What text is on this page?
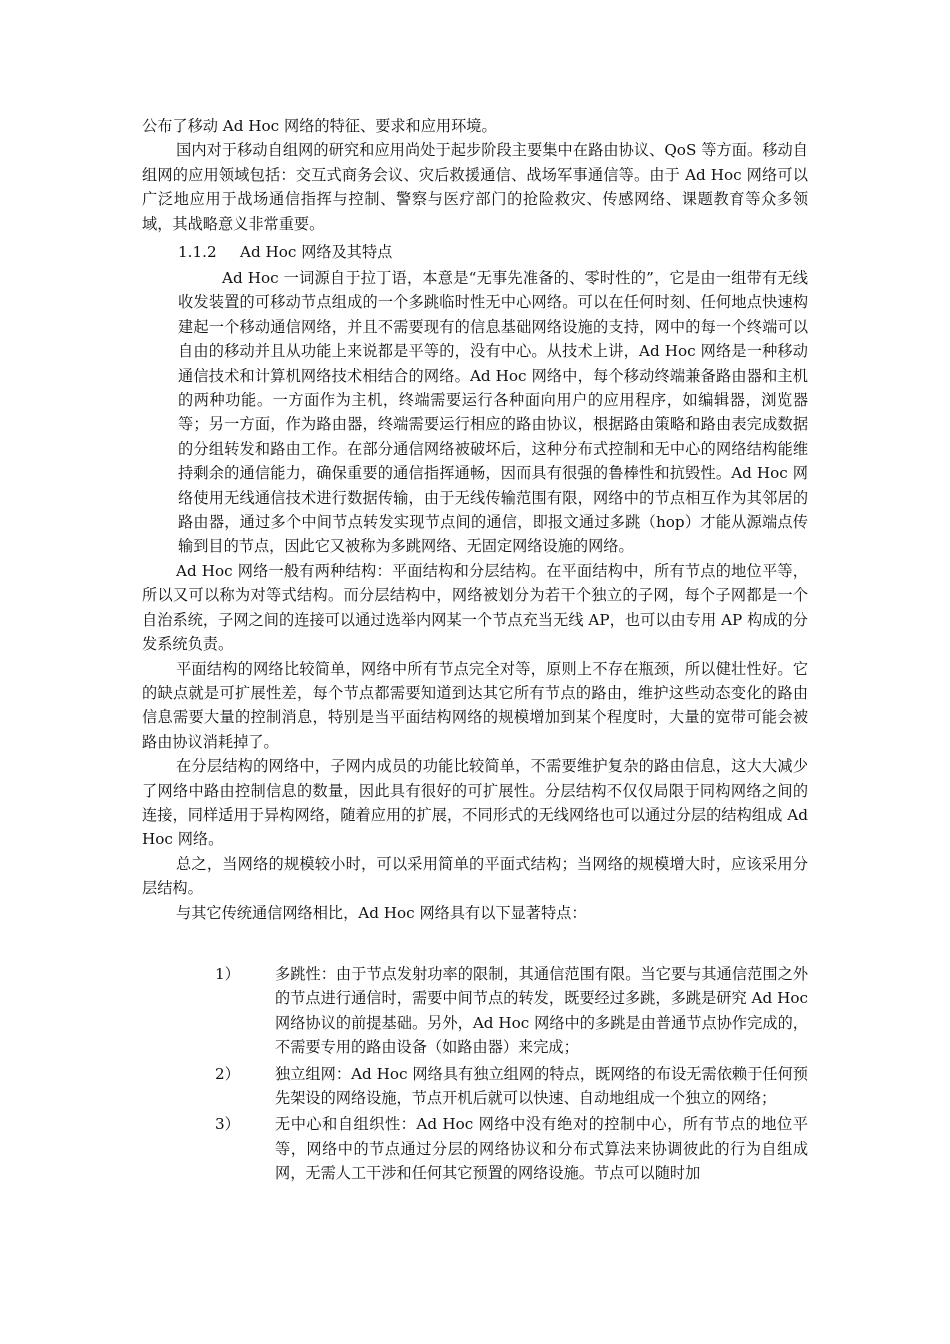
公布了移动 Ad Hoc 网络的特征、要求和应用环境。
国内对于移动自组网的研究和应用尚处于起步阶段主要集中在路由协议、QoS 等方面。移动自组网的应用领域包括：交互式商务会议、灾后救援通信、战场军事通信等。由于 Ad Hoc 网络可以广泛地应用于战场通信指挥与控制、警察与医疗部门的抢险救灾、传感网络、课题教育等众多领域，其战略意义非常重要。

1.1.2 Ad Hoc 网络及其特点

Ad Hoc 一词源自于拉丁语，本意是“无事先准备的、零时性的”，它是由一组带有无线收发装置的可移动节点组成的一个多跳临时性无中心网络。可以在任何时刻、任何地点快速构建起一个移动通信网络，并且不需要现有的信息基础网络设施的支持，网中的每一个终端可以自由的移动并且从功能上来说都是平等的，没有中心。从技术上讲，Ad Hoc 网络是一种移动通信技术和计算机网络技术相结合的网络。Ad Hoc 网络中，每个移动终端兼备路由器和主机的两种功能。一方面作为主机，终端需要运行各种面向用户的应用程序，如编辑器，浏览器等；另一方面，作为路由器，终端需要运行相应的路由协议，根据路由策略和路由表完成数据的分组转发和路由工作。在部分通信网络被破坏后，这种分布式控制和无中心的网络结构能维持剩余的通信能力，确保重要的通信指挥通畅，因而具有很强的鲁棒性和抗毁性。Ad Hoc 网络使用无线通信技术进行数据传输，由于无线传输范围有限，网络中的节点相互作为其邻居的路由器，通过多个中间节点转发实现节点间的通信，即报文通过多跳（hop）才能从源端点传输到目的节点，因此它又被称为多跳网络、无固定网络设施的网络。

Ad Hoc 网络一般有两种结构：平面结构和分层结构。在平面结构中，所有节点的地位平等，所以又可以称为对等式结构。而分层结构中，网络被划分为若干个独立的子网，每个子网都是一个自治系统，子网之间的连接可以通过选举内网某一个节点充当无线 AP，也可以由专用 AP 构成的分发系统负责。

平面结构的网络比较简单，网络中所有节点完全对等，原则上不存在瓶颈，所以健壮性好。它的缺点就是可扩展性差，每个节点都需要知道到达其它所有节点的路由，维护这些动态变化的路由信息需要大量的控制消息，特别是当平面结构网络的规模增加到某个程度时，大量的宽带可能会被路由协议消耗掉了。

在分层结构的网络中，子网内成员的功能比较简单，不需要维护复杂的路由信息，这大大减少了网络中路由控制信息的数量，因此具有很好的可扩展性。分层结构不仅仅局限于同构网络之间的连接，同样适用于异构网络，随着应用的扩展，不同形式的无线网络也可以通过分层的结构组成 Ad Hoc 网络。

总之，当网络的规模较小时，可以采用简单的平面式结构；当网络的规模增大时，应该采用分层结构。

与其它传统通信网络相比，Ad Hoc 网络具有以下显著特点：

1）	多跳性：由于节点发射功率的限制，其通信范围有限。当它要与其通信范围之外的节点进行通信时，需要中间节点的转发，既要经过多跳，多跳是研究 Ad Hoc 网络协议的前提基础。另外，Ad Hoc 网络中的多跳是由普通节点协作完成的，不需要专用的路由设备（如路由器）来完成；
2）	独立组网：Ad Hoc 网络具有独立组网的特点，既网络的布设无需依赖于任何预先架设的网络设施，节点开机后就可以快速、自动地组成一个独立的网络；
3）	无中心和自组织性：Ad Hoc 网络中没有绝对的控制中心，所有节点的地位平等，网络中的节点通过分层的网络协议和分布式算法来协调彼此的行为自组成网，无需人工干涉和任何其它预置的网络设施。节点可以随时加
